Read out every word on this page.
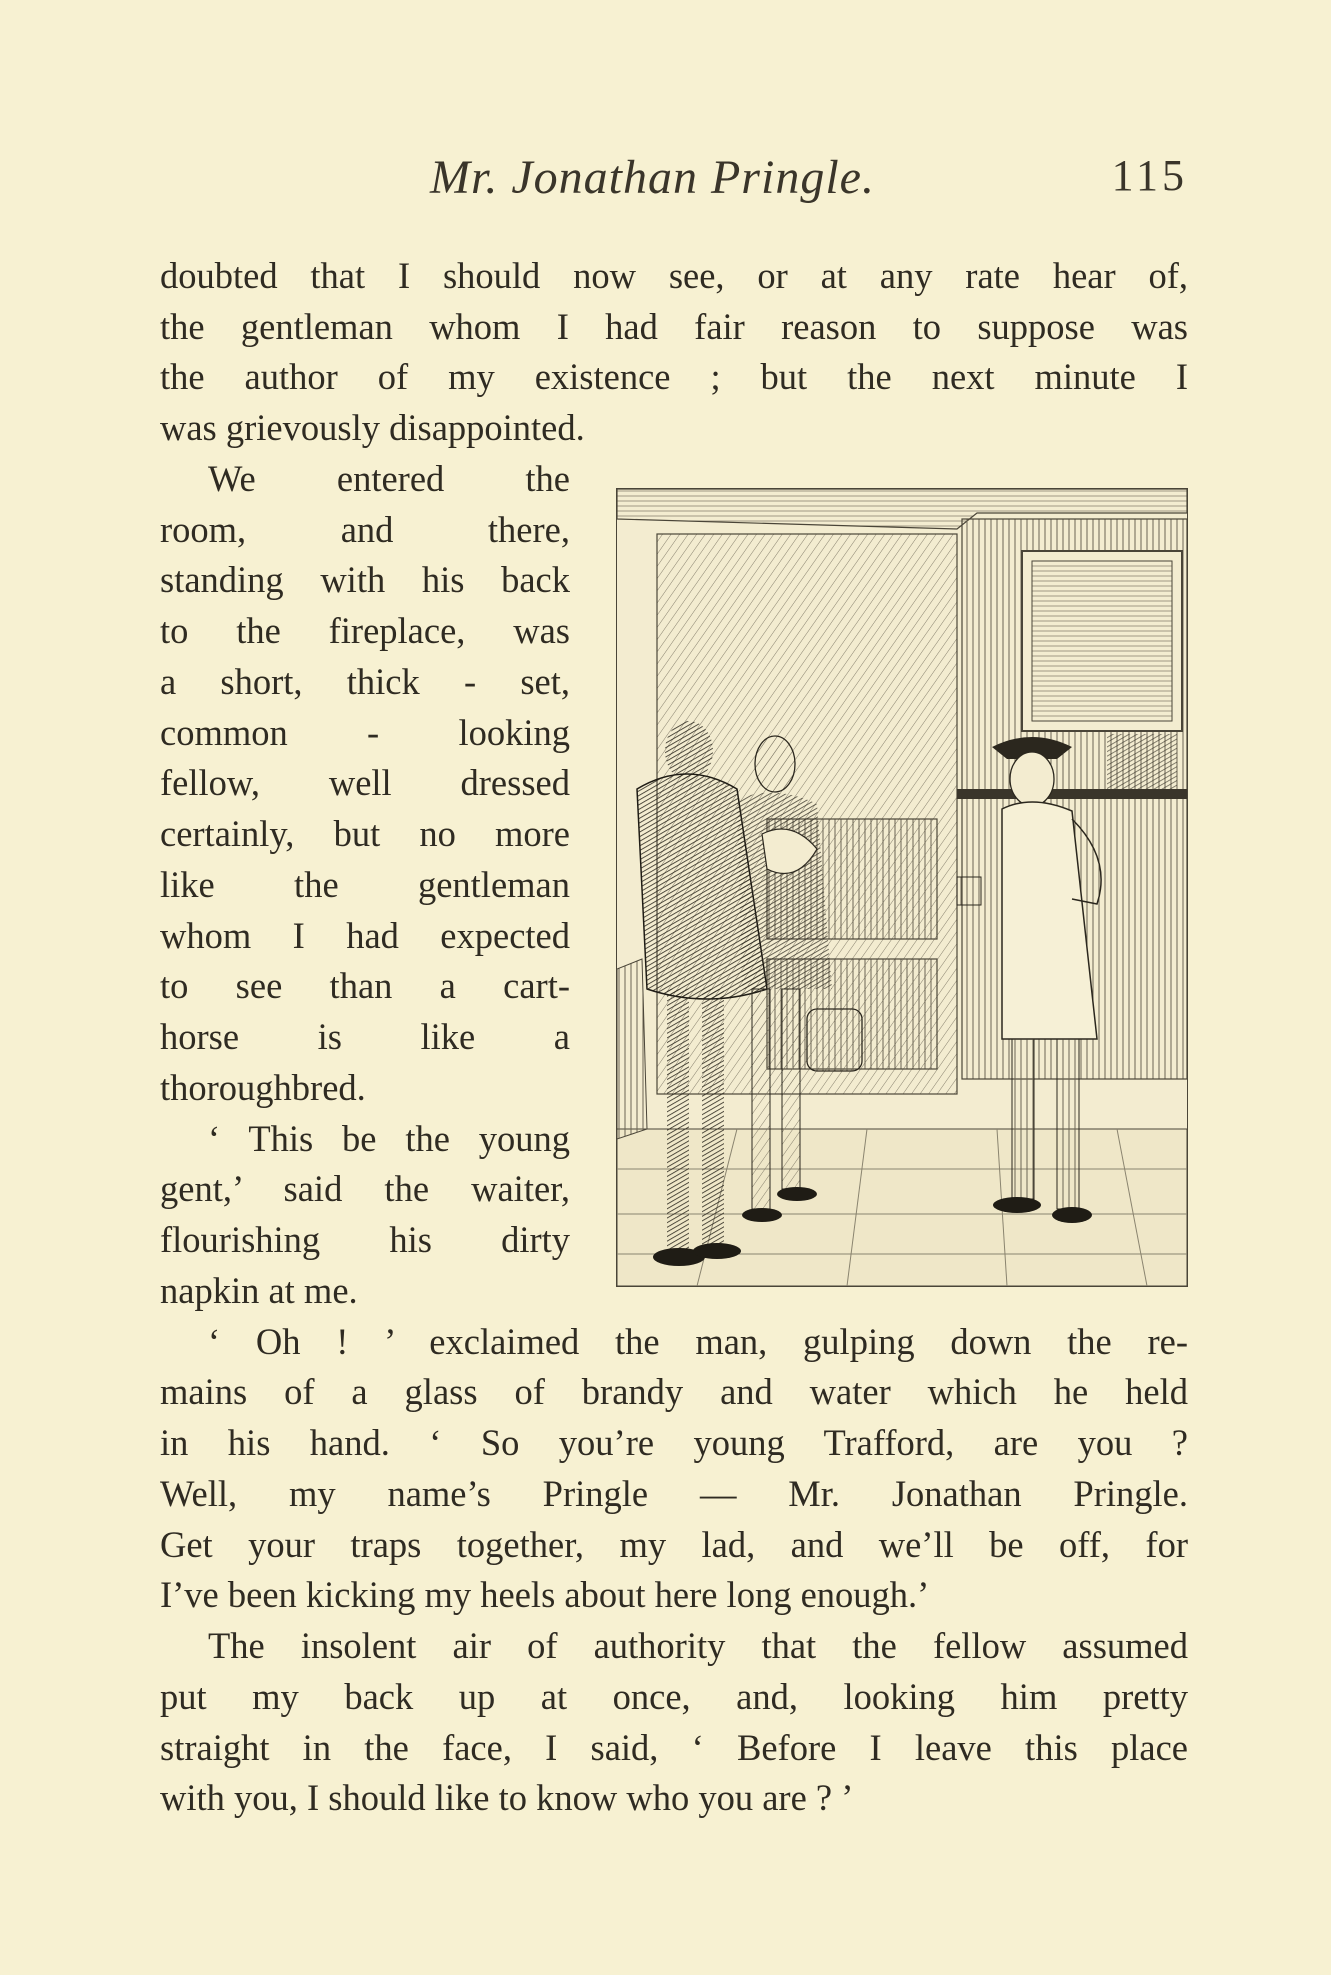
Mr. Jonathan Pringle.	115
doubted that I should now see, or at any rate hear of,
the gentleman whom I had fair reason to suppose was
the author of my existence ; but the next minute I
was grievously disappointed.
We entered the
room, and there,
standing with his back
to the fireplace, was
a short, thick - set,
common - looking
fellow, well dressed
certainly, but no more
like the gentleman
whom I had expected
to see than a cart-
horse is like a
thoroughbred.
‘ This be the young
gent,’ said the waiter,
flourishing his dirty
napkin at me.
‘ Oh ! ’ exclaimed the man, gulping down the re-
mains of a glass of brandy and water which he held
in his hand. ‘ So you’re young Trafford, are you ?
Well, my name’s Pringle — Mr. Jonathan Pringle.
Get your traps together, my lad, and we’ll be off, for
I’ve been kicking my heels about here long enough.’
The insolent air of authority that the fellow assumed
put my back up at once, and, looking him pretty
straight in the face, I said, ‘ Before I leave this place
with you, I should like to know who you are ? ’
